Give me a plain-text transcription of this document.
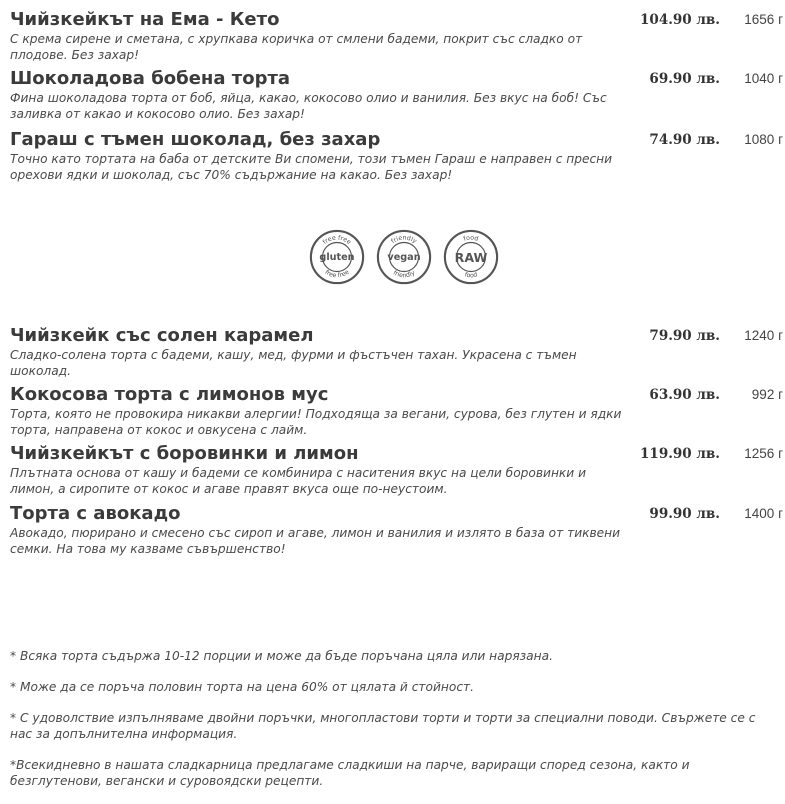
Чийзкейкът на Ема - Кето	104.90 лв.	1656 г
С крема сирене и сметана, с хрупкава коричка от смлени бадеми, покрит със сладко от плодове. Без захар!
Шоколадова бобена торта	69.90 лв.	1040 г
Фина шоколадова торта от боб, яйца, какао, кокосово олио и ванилия. Без вкус на боб! Със заливка от какао и кокосово олио. Без захар!
Гараш с тъмен шоколад, без захар	74.90 лв.	1080 г
Точно като тортата на баба от детските Ви спомени, този тъмен Гараш е направен с пресни орехови ядки и шоколад, със 70% съдържание на какао. Без захар!
free free
free free
gluten
friendly
friendly
vegan
food
food
RAW
Чийзкейк със солен карамел	79.90 лв.	1240 г
Сладко-солена торта с бадеми, кашу, мед, фурми и фъстъчен тахан. Украсена с тъмен шоколад.
Кокосова торта с лимонов мус	63.90 лв.	992 г
Торта, която не провокира никакви алергии! Подходяща за вегани, сурова, без глутен и ядки торта, направена от кокос и овкусена с лайм.
Чийзкейкът с боровинки и лимон	119.90 лв.	1256 г
Плътната основа от кашу и бадеми се комбинира с наситения вкус на цели боровинки и лимон, а сиропите от кокос и агаве правят вкуса още по-неустоим.
Торта с авокадо	99.90 лв.	1400 г
Авокадо, пюрирано и смесено със сироп и агаве, лимон и ванилия и излято в база от тиквени семки. На това му казваме съвършенство!
* Всяка торта съдържа 10-12 порции и може да бъде поръчана цяла или нарязана.
* Може да се поръча половин торта на цена 60% от цялата й стойност.
* С удоволствие изпълняваме двойни поръчки, многопластови торти и торти за специални поводи. Свържете се с нас за допълнителна информация.
*Всекидневно в нашата сладкарница предлагаме сладкиши на парче, вариращи според сезона, както и безглутенови, вегански и суровоядски рецепти.
